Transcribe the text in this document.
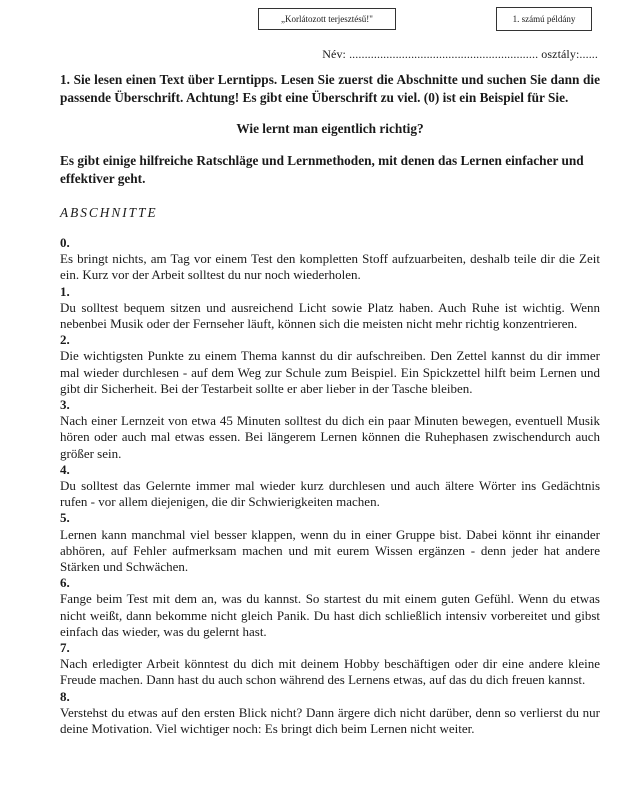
„Korlátozott terjesztésű!"	1. számú példány
Név: ............................................................. osztály:......

1. Sie lesen einen Text über Lerntipps. Lesen Sie zuerst die Abschnitte und suchen Sie dann die passende Überschrift. Achtung! Es gibt eine Überschrift zu viel. (0) ist ein Beispiel für Sie.

Wie lernt man eigentlich richtig?

Es gibt einige hilfreiche Ratschläge und Lernmethoden, mit denen das Lernen einfacher und effektiver geht.

ABSCHNITTE

0.

Es bringt nichts, am Tag vor einem Test den kompletten Stoff aufzuarbeiten, deshalb teile dir die Zeit ein. Kurz vor der Arbeit solltest du nur noch wiederholen.

1.

Du solltest bequem sitzen und ausreichend Licht sowie Platz haben. Auch Ruhe ist wichtig. Wenn nebenbei Musik oder der Fernseher läuft, können sich die meisten nicht mehr richtig konzentrieren.

2.

Die wichtigsten Punkte zu einem Thema kannst du dir aufschreiben. Den Zettel kannst du dir immer mal wieder durchlesen - auf dem Weg zur Schule zum Beispiel. Ein Spickzettel hilft beim Lernen und gibt dir Sicherheit. Bei der Testarbeit sollte er aber lieber in der Tasche bleiben.

3.

Nach einer Lernzeit von etwa 45 Minuten solltest du dich ein paar Minuten bewegen, eventuell Musik hören oder auch mal etwas essen. Bei längerem Lernen können die Ruhephasen zwischendurch auch größer sein.

4.

Du solltest das Gelernte immer mal wieder kurz durchlesen und auch ältere Wörter ins Gedächtnis rufen - vor allem diejenigen, die dir Schwierigkeiten machen.

5.

Lernen kann manchmal viel besser klappen, wenn du in einer Gruppe bist. Dabei könnt ihr einander abhören, auf Fehler aufmerksam machen und mit eurem Wissen ergänzen - denn jeder hat andere Stärken und Schwächen.

6.

Fange beim Test mit dem an, was du kannst. So startest du mit einem guten Gefühl. Wenn du etwas nicht weißt, dann bekomme nicht gleich Panik. Du hast dich schließlich intensiv vorbereitet und gibst einfach das wieder, was du gelernt hast.

7.

Nach erledigter Arbeit könntest du dich mit deinem Hobby beschäftigen oder dir eine andere kleine Freude machen. Dann hast du auch schon während des Lernens etwas, auf das du dich freuen kannst.

8.

Verstehst du etwas auf den ersten Blick nicht? Dann ärgere dich nicht darüber, denn so verlierst du nur deine Motivation. Viel wichtiger noch: Es bringt dich beim Lernen nicht weiter.
